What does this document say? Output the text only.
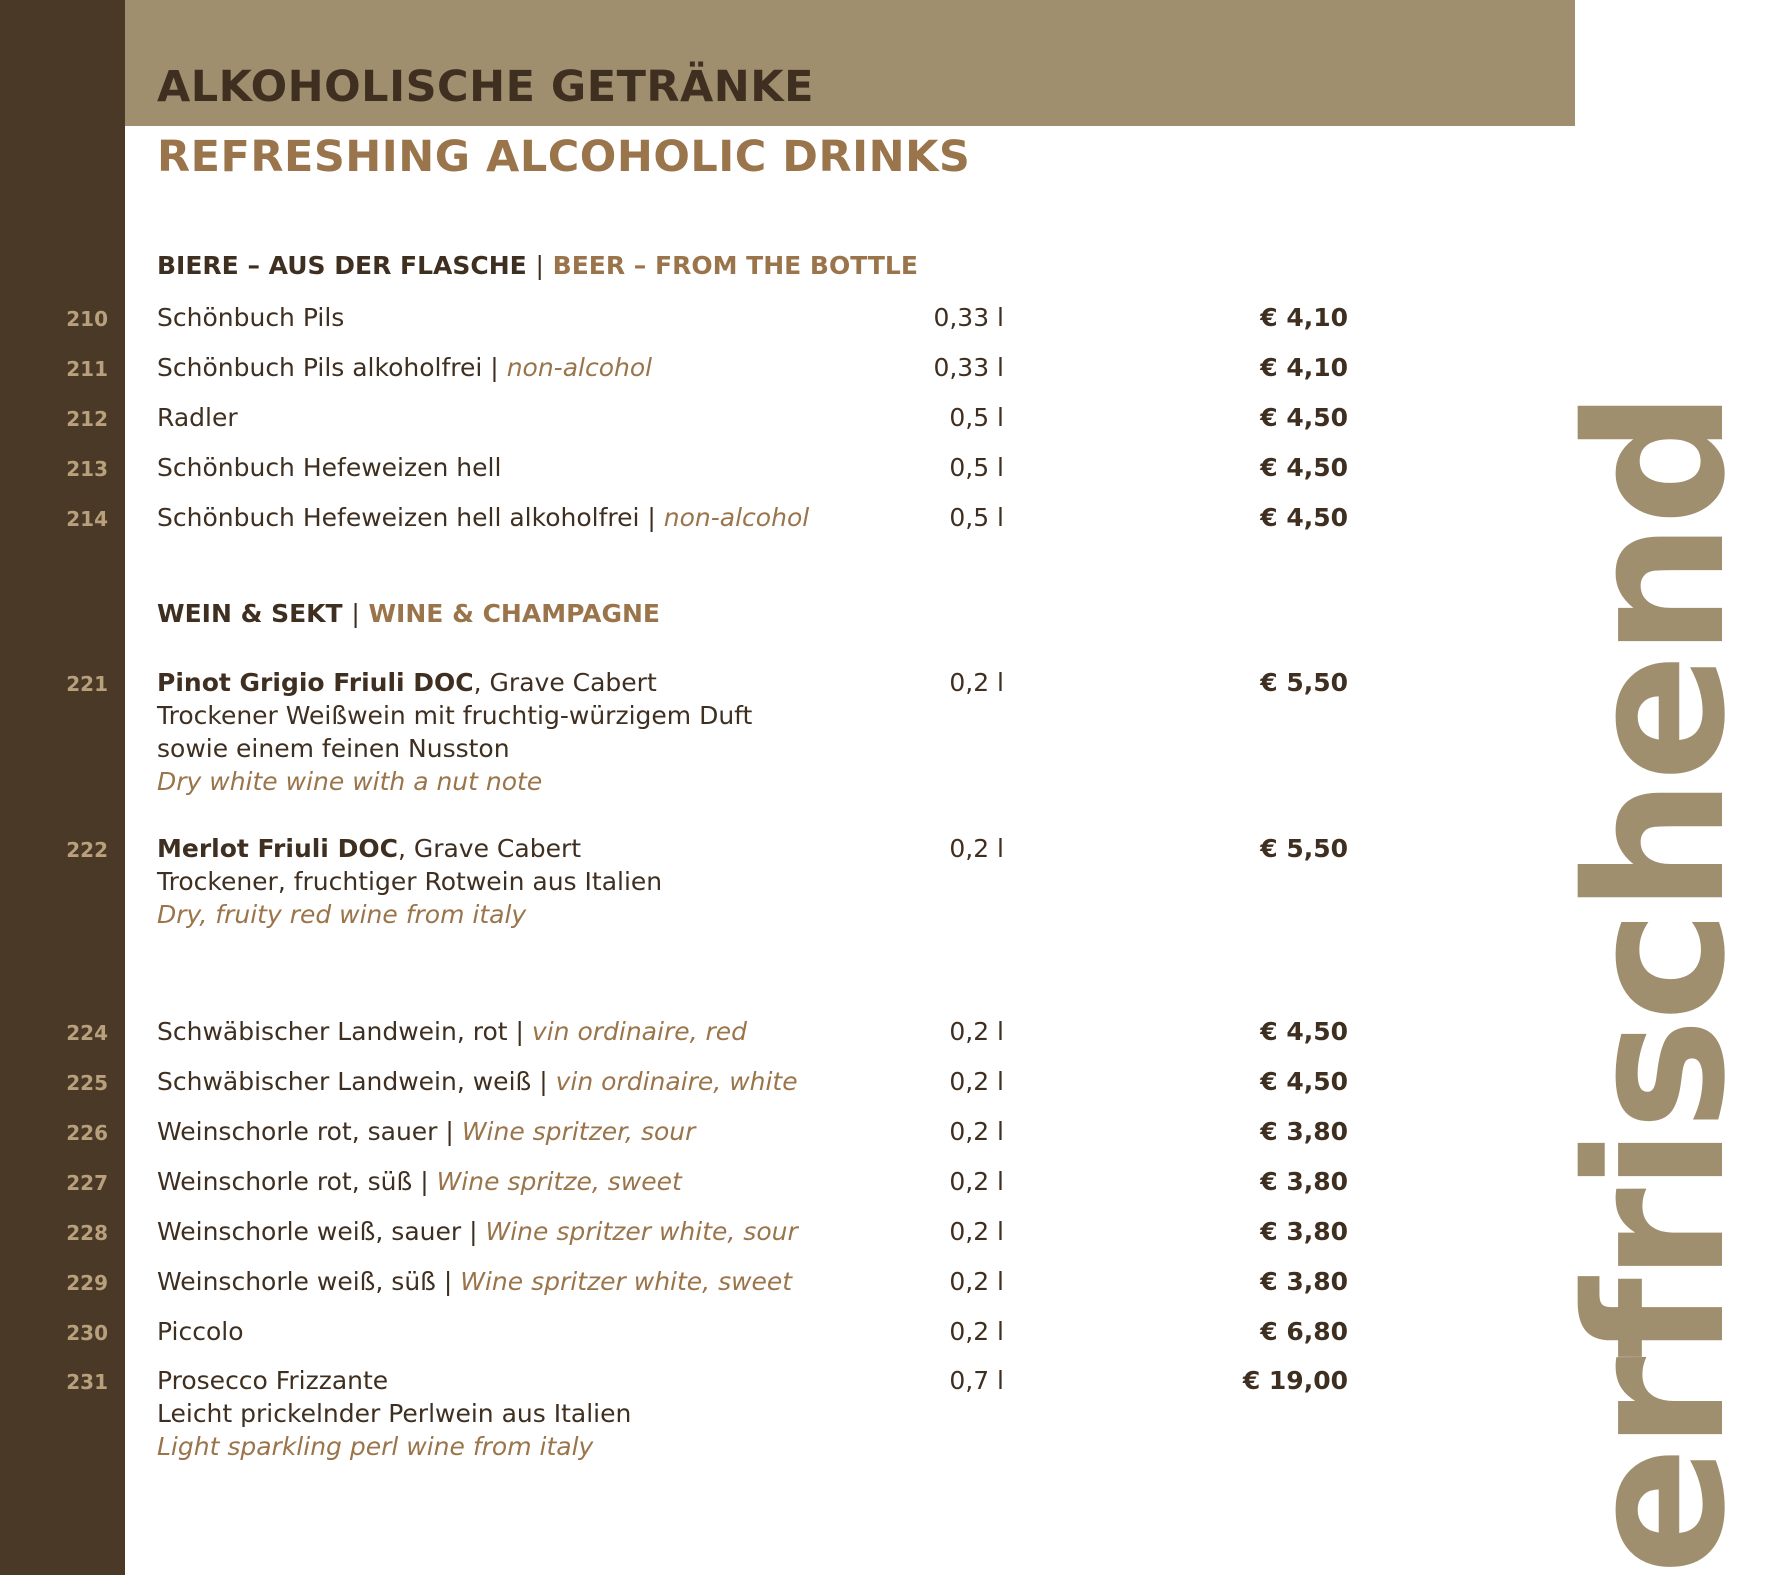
ALKOHOLISCHE GETRÄNKE
REFRESHING ALCOHOLIC DRINKS
BIERE – AUS DER FLASCHE | BEER – FROM THE BOTTLE
210 Schönbuch Pils	0,33 l	€ 4,10
211 Schönbuch Pils alkoholfrei | non-alcohol	0,33 l	€ 4,10
212 Radler	0,5 l	€ 4,50
213 Schönbuch Hefeweizen hell	0,5 l	€ 4,50
214 Schönbuch Hefeweizen hell alkoholfrei | non-alcohol	0,5 l	€ 4,50
WEIN & SEKT | WINE & CHAMPAGNE
221 Pinot Grigio Friuli DOC, Grave Cabert	0,2 l	€ 5,50
Trockener Weißwein mit fruchtig-würzigem Duft
sowie einem feinen Nusston
Dry white wine with a nut note
222 Merlot Friuli DOC, Grave Cabert	0,2 l	€ 5,50
Trockener, fruchtiger Rotwein aus Italien
Dry, fruity red wine from italy
224 Schwäbischer Landwein, rot | vin ordinaire, red	0,2 l	€ 4,50
225 Schwäbischer Landwein, weiß | vin ordinaire, white	0,2 l	€ 4,50
226 Weinschorle rot, sauer | Wine spritzer, sour	0,2 l	€ 3,80
227 Weinschorle rot, süß | Wine spritze, sweet	0,2 l	€ 3,80
228 Weinschorle weiß, sauer | Wine spritzer white, sour	0,2 l	€ 3,80
229 Weinschorle weiß, süß | Wine spritzer white, sweet	0,2 l	€ 3,80
230 Piccolo	0,2 l	€ 6,80
231 Prosecco Frizzante	0,7 l	€ 19,00
Leicht prickelnder Perlwein aus Italien
Light sparkling perl wine from italy	erfrischend
